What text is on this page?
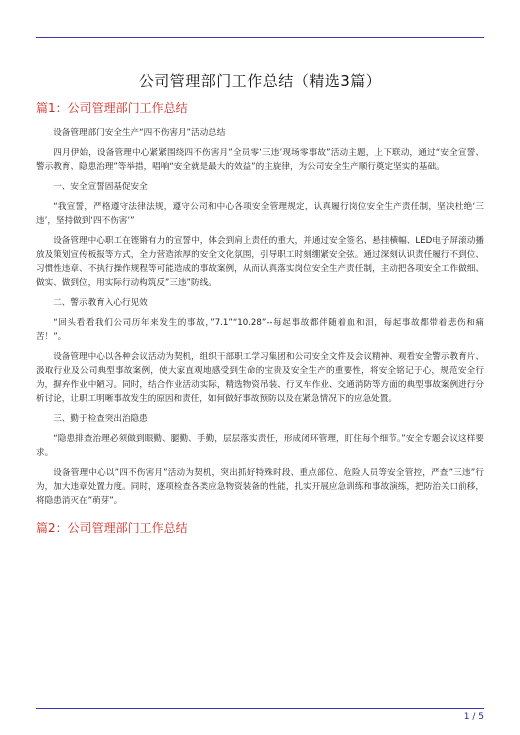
公司管理部门工作总结（精选3篇）
篇1：公司管理部门工作总结

设备管理部门安全生产“四不伤害月”活动总结

四月伊始，设备管理中心紧紧围绕四不伤害月”全员零‘三违’现场零事故”活动主题，上下联动，通过“安全宣誓、警示教育、隐患治理”等举措，唱响“安全就是最大的效益”的主旋律，为公司安全生产顺行奠定坚实的基础。

一、安全宣誓固基促安全

“我宣誓，严格遵守法律法规，遵守公司和中心各项安全管理规定，认真履行岗位安全生产责任制，坚决杜绝‘三违’，坚持做到‘四不伤害’”

设备管理中心职工在铿锵有力的宣誓中，体会到肩上责任的重大，并通过安全签名、悬挂横幅、LED电子屏滚动播放及策划宣传板报等方式，全力营造浓厚的安全文化氛围，引导职工时刻绷紧安全弦。通过深刻认识责任履行不到位、习惯性违章、不执行操作规程等可能造成的事故案例，从而认真落实岗位安全生产责任制，主动把各项安全工作做细、做实、做到位，用实际行动构筑反”三违”防线。

二、警示教育入心行见效

“回头看看我们公司历年来发生的事故，”7.1”“10.28”--每起事故都伴随着血和泪，每起事故都带着悲伤和痛苦！”。

设备管理中心以各种会议活动为契机，组织干部职工学习集团和公司安全文件及会议精神、观看安全警示教育片、汲取行业及公司典型事故案例，使大家直观地感受到生命的宝贵及安全生产的重要性，将安全铭记于心，规范安全行为，摒弃作业中陋习。同时，结合作业活动实际，精选物资吊装、行叉车作业、交通消防等方面的典型事故案例进行分析讨论，让职工明晰事故发生的原因和责任，如何做好事故预防以及在紧急情况下的应急处置。

三、勤于检查突出治隐患

“隐患排查治理必须做到眼勤、腿勤、手勤，层层落实责任，形成闭环管理，盯住每个细节。”安全专题会议这样要求。

设备管理中心以”四不伤害月”活动为契机，突出抓好特殊时段、重点部位、危险人员等安全管控，严查”三违”行为，加大违章处置力度。同时，逐项检查各类应急物资装备的性能，扎实开展应急训练和事故演练，把防治关口前移，将隐患消灭在”萌芽”。

篇2：公司管理部门工作总结
1 / 5
